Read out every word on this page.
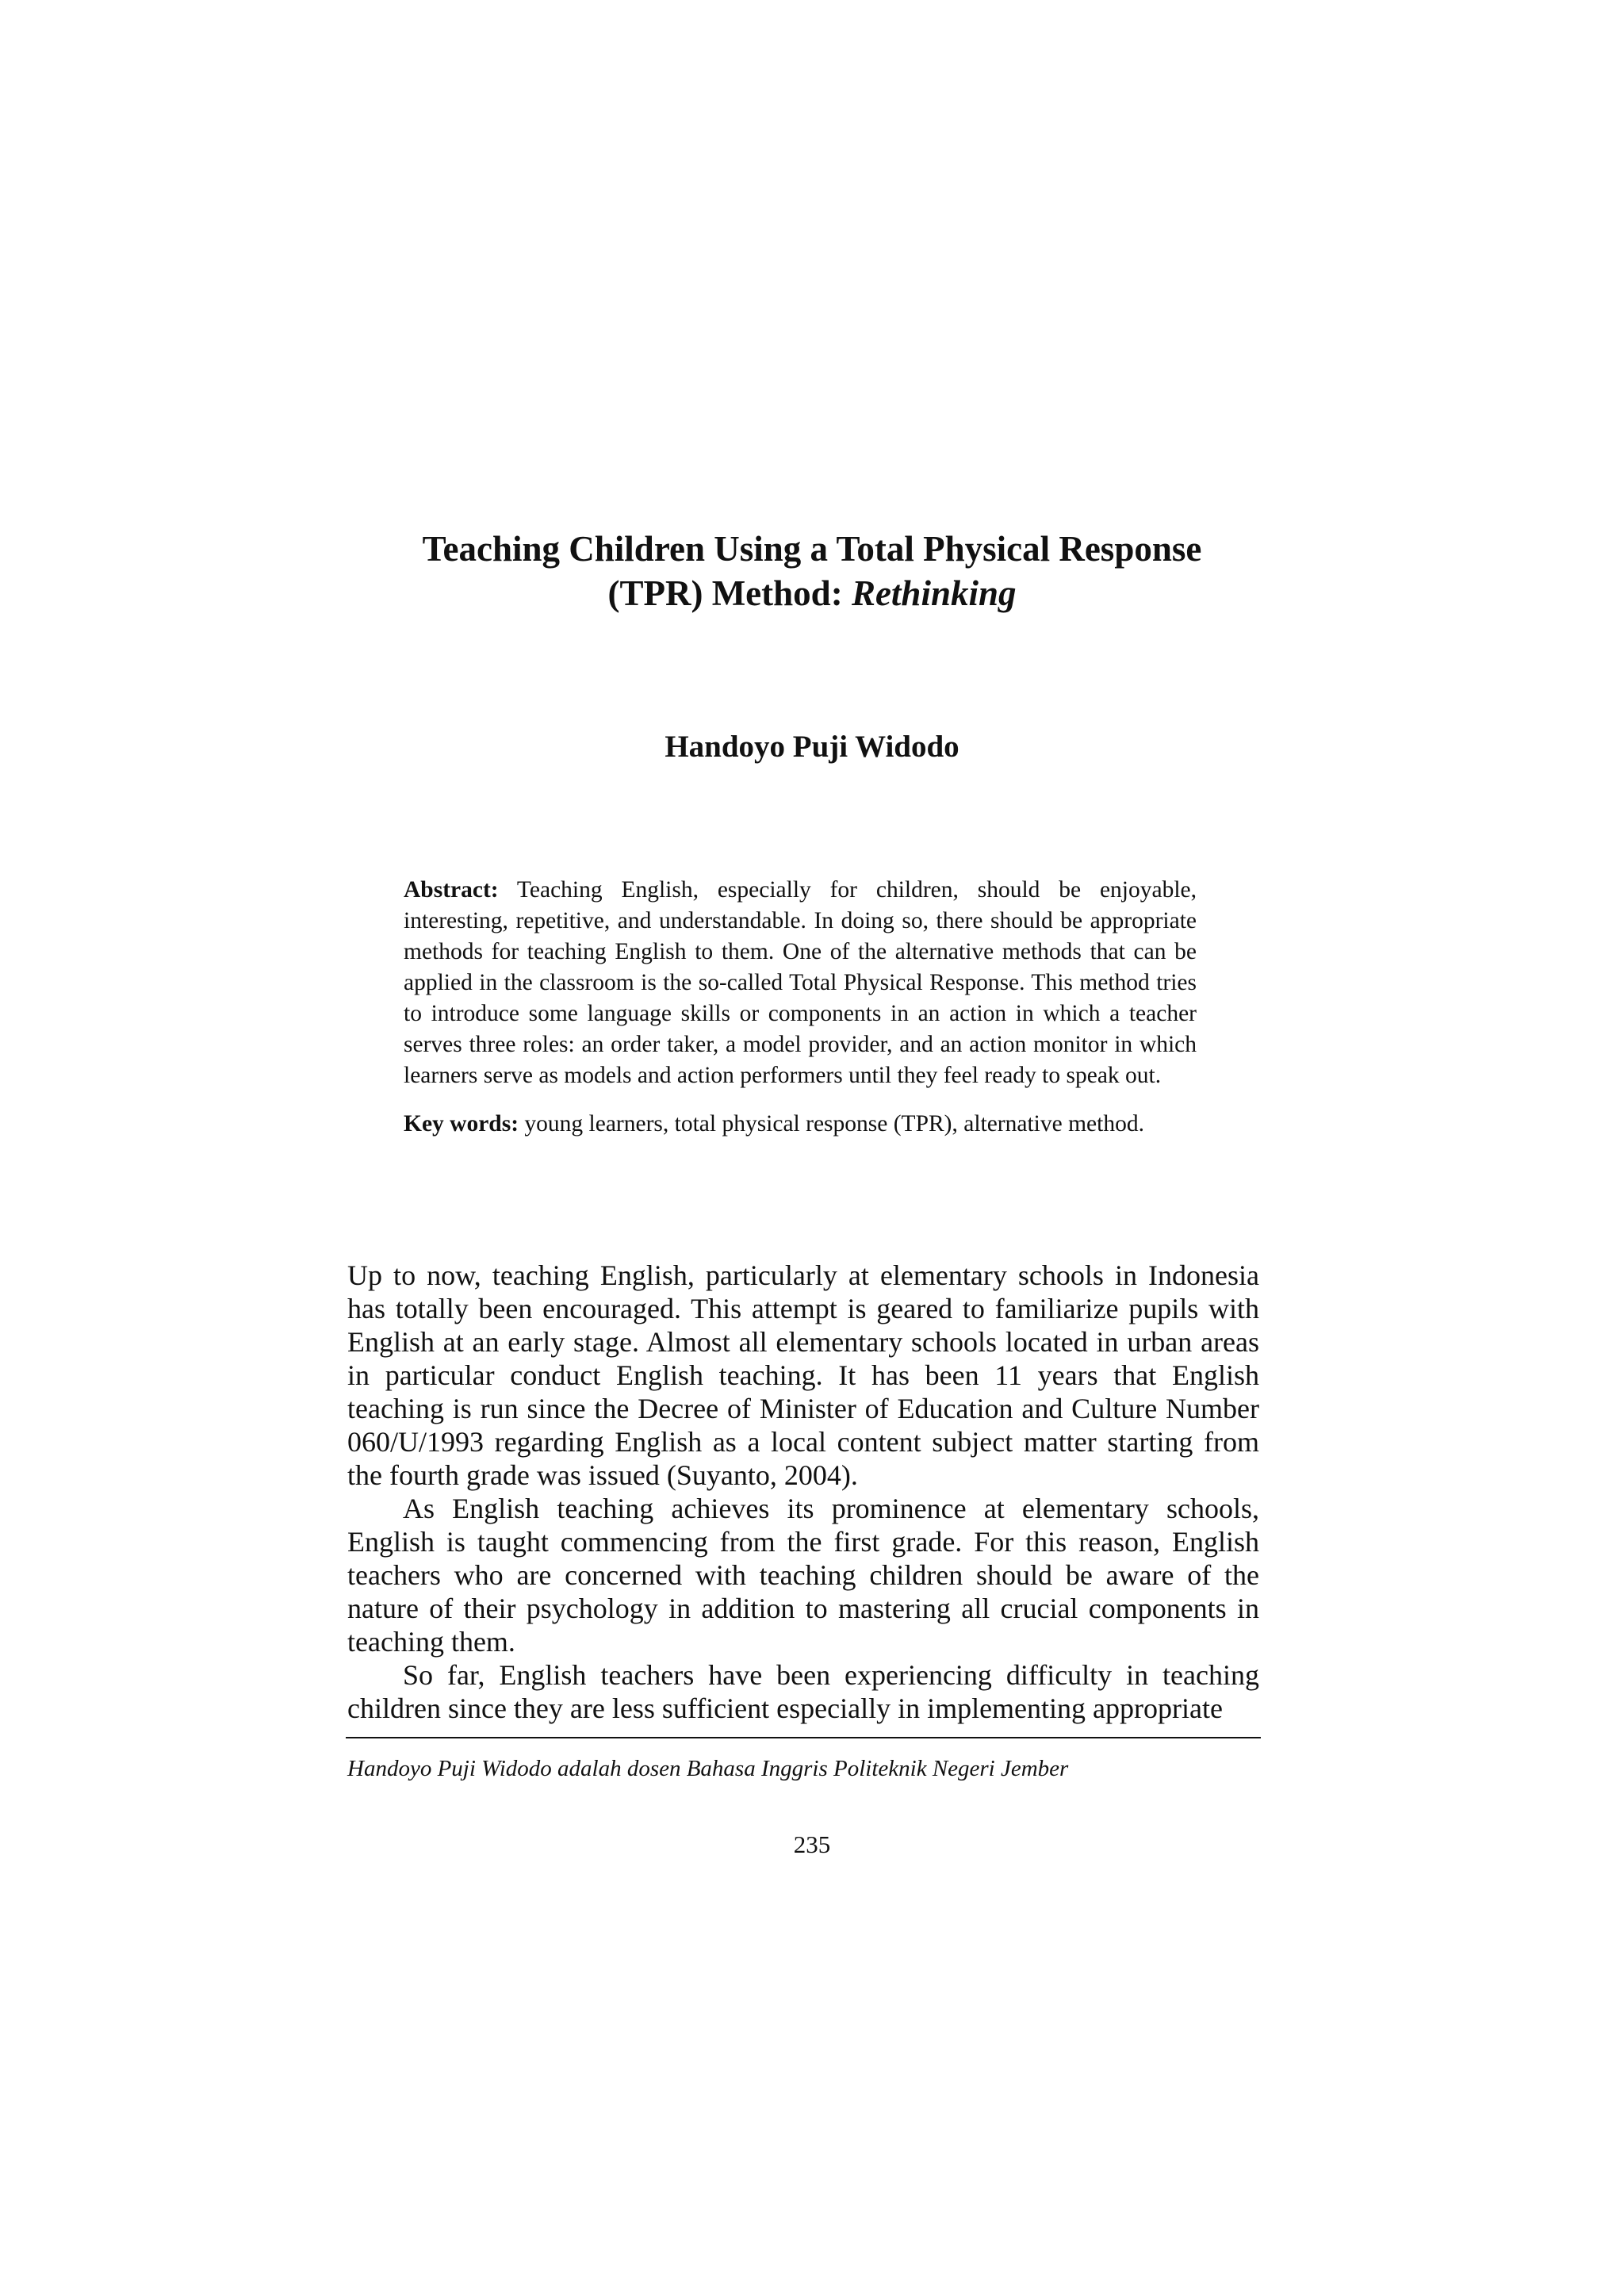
Teaching Children Using a Total Physical Response
(TPR) Method: Rethinking
Handoyo Puji Widodo

Abstract: Teaching English, especially for children, should be enjoyable, interesting, repetitive, and understandable. In doing so, there should be appropriate methods for teaching English to them. One of the alternative methods that can be applied in the classroom is the so-called Total Physical Response. This method tries to introduce some language skills or components in an action in which a teacher serves three roles: an order taker, a model provider, and an action monitor in which learners serve as models and action performers until they feel ready to speak out.

Key words: young learners, total physical response (TPR), alternative method.

Up to now, teaching English, particularly at elementary schools in Indonesia has totally been encouraged. This attempt is geared to familiarize pupils with English at an early stage. Almost all elementary schools located in urban areas in particular conduct English teaching. It has been 11 years that English teaching is run since the Decree of Minister of Education and Culture Number 060/U/1993 regarding English as a local content subject matter starting from the fourth grade was issued (Suyanto, 2004).

As English teaching achieves its prominence at elementary schools, English is taught commencing from the first grade. For this reason, English teachers who are concerned with teaching children should be aware of the nature of their psychology in addition to mastering all crucial components in teaching them.

So far, English teachers have been experiencing difficulty in teaching children since they are less sufficient especially in implementing appropriate

Handoyo Puji Widodo adalah dosen Bahasa Inggris Politeknik Negeri Jember
235
